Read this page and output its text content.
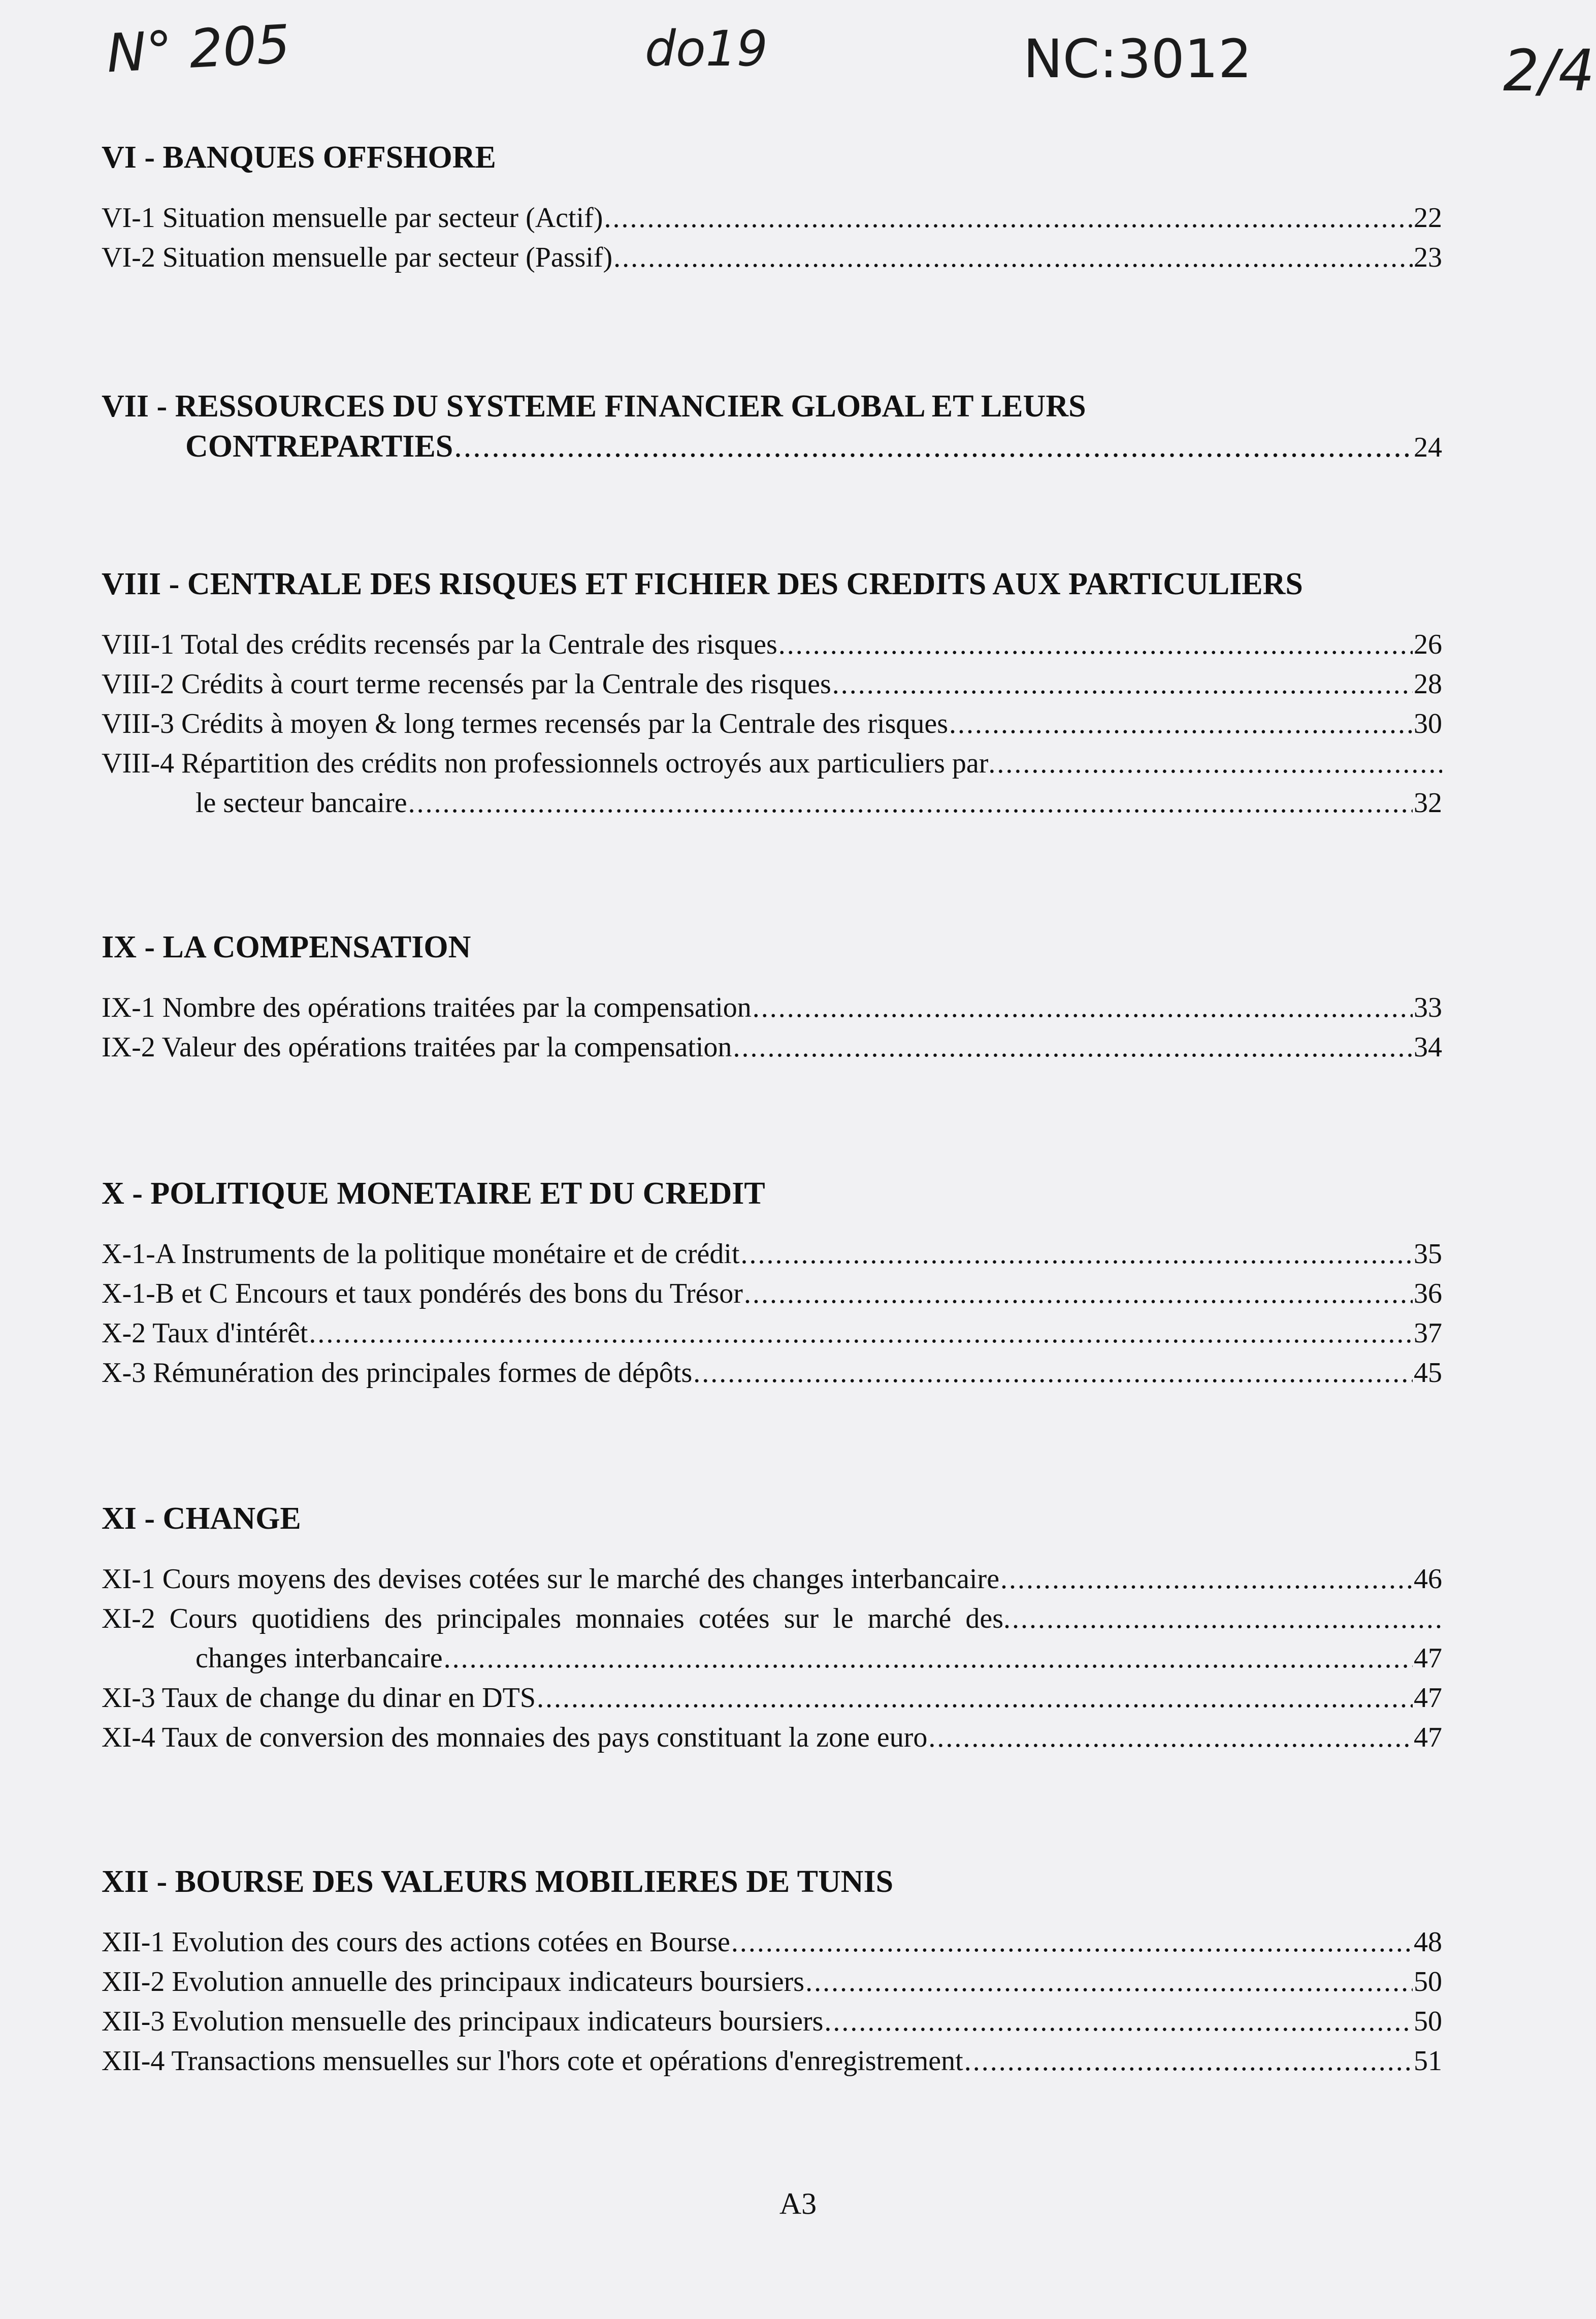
N° 205	do19	NC:3012	2/4
VI - BANQUES OFFSHORE
VI-1 Situation mensuelle par secteur (Actif) .....	22
VI-2 Situation mensuelle par secteur (Passif) .....	23
VII - RESSOURCES DU SYSTEME FINANCIER GLOBAL ET LEURS
CONTREPARTIES .....	24
VIII - CENTRALE DES RISQUES ET FICHIER DES CREDITS AUX PARTICULIERS
VIII-1 Total des crédits recensés par la Centrale des risques .....	26
VIII-2 Crédits à court terme recensés par la Centrale des risques .....	28
VIII-3 Crédits à moyen & long termes recensés par la Centrale des risques .....	30
VIII-4 Répartition des crédits non professionnels octroyés aux particuliers par
.....
le secteur bancaire .....	32
IX - LA COMPENSATION
IX-1 Nombre des opérations traitées par la compensation .....	33
IX-2 Valeur des opérations traitées par la compensation .....	34
X - POLITIQUE MONETAIRE ET DU CREDIT
X-1-A Instruments de la politique monétaire et de crédit .....	35
X-1-B et C Encours et taux pondérés des bons du Trésor .....	36
X-2 Taux d'intérêt .....	37
X-3 Rémunération des principales formes de dépôts .....	45
XI - CHANGE
XI-1 Cours moyens des devises cotées sur le marché des changes interbancaire .....	46
XI-2 Cours quotidiens des principales monnaies cotées sur le marché des
.....
changes interbancaire .....	47
XI-3 Taux de change du dinar en DTS .....	47
XI-4 Taux de conversion des monnaies des pays constituant la zone euro .....	47
XII - BOURSE DES VALEURS MOBILIERES DE TUNIS
XII-1 Evolution des cours des actions cotées en Bourse .....	48
XII-2 Evolution annuelle des principaux indicateurs boursiers .....	50
XII-3 Evolution mensuelle des principaux indicateurs boursiers .....	50
XII-4 Transactions mensuelles sur l'hors cote et opérations d'enregistrement .....	51
A3
